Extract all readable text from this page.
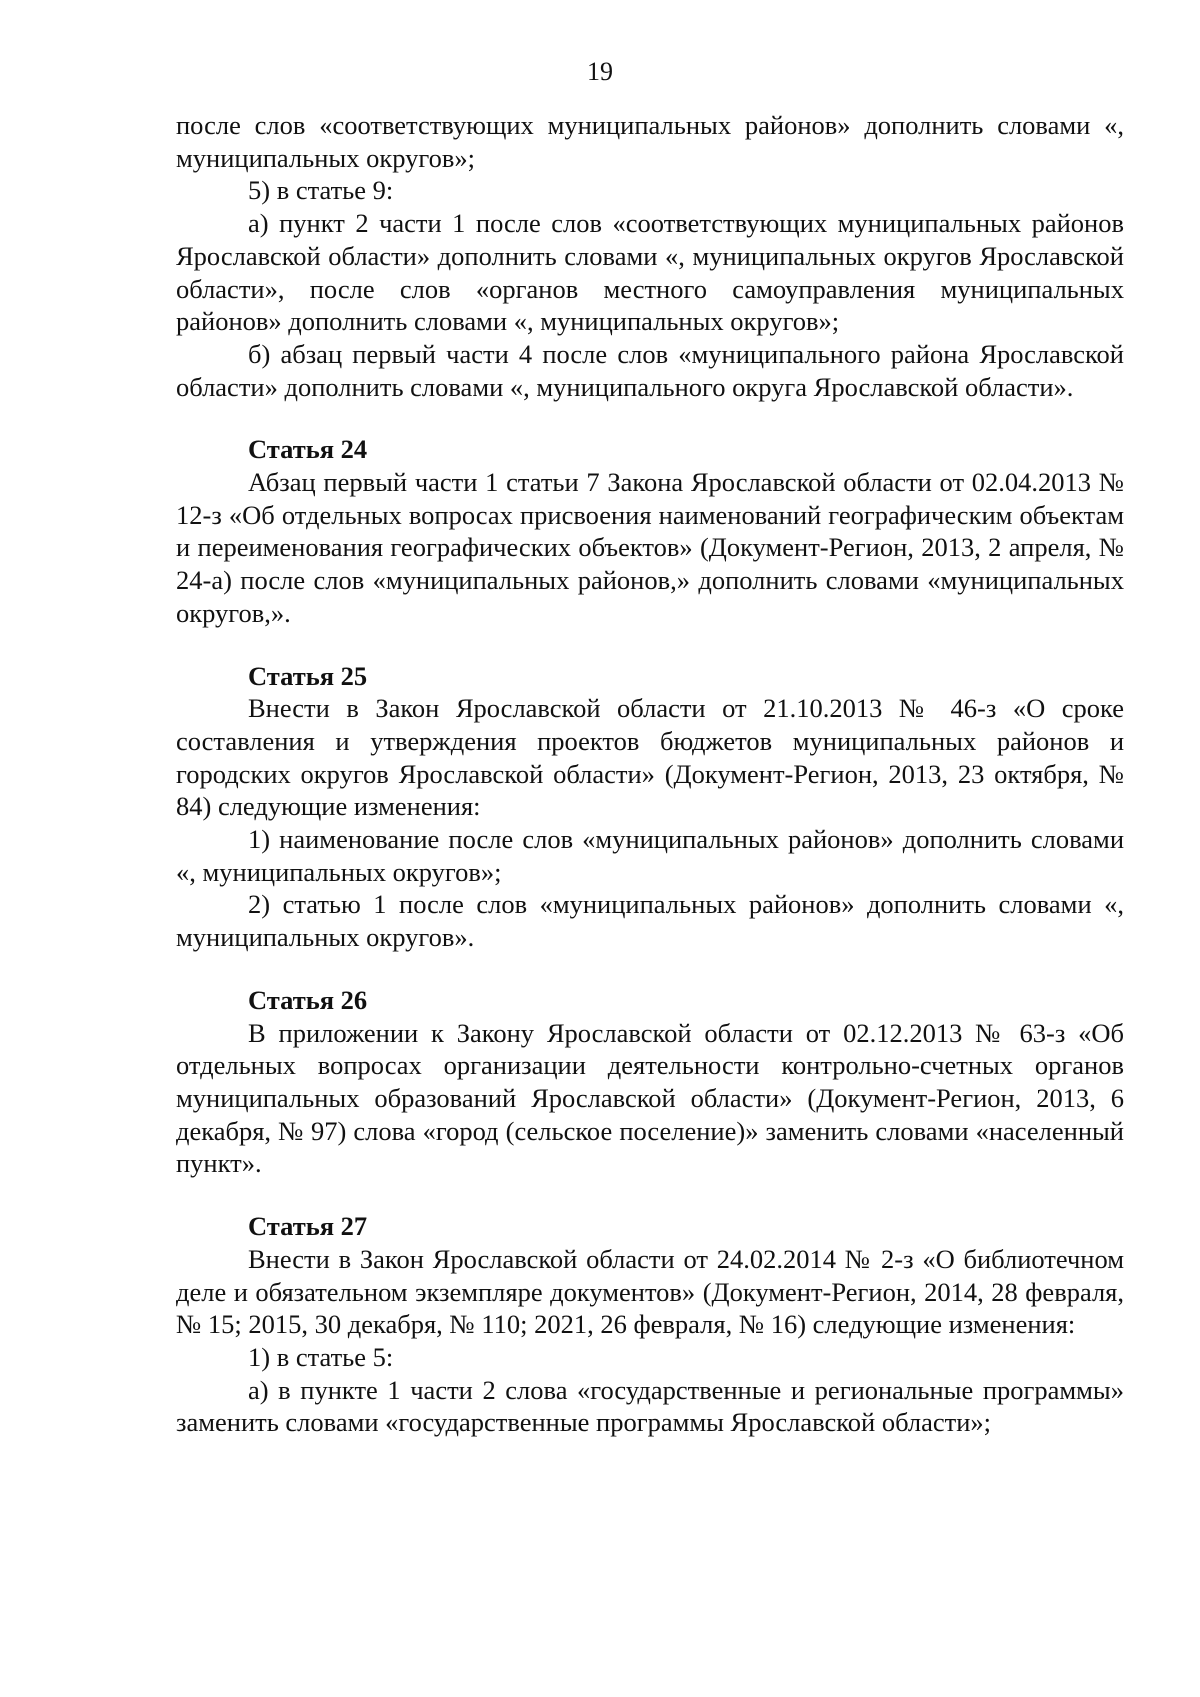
19

после слов «соответствующих муниципальных районов» дополнить словами «, муниципальных округов»;

5) в статье 9:

а) пункт 2 части 1 после слов «соответствующих муниципальных районов Ярославской области» дополнить словами «, муниципальных округов Ярославской области», после слов «органов местного самоуправления муниципальных районов» дополнить словами «, муниципальных округов»;

б) абзац первый части 4 после слов «муниципального района Ярославской области» дополнить словами «, муниципального округа Ярославской области».

Статья 24

Абзац первый части 1 статьи 7 Закона Ярославской области от 02.04.2013 № 12-з «Об отдельных вопросах присвоения наименований географическим объектам и переименования географических объектов» (Документ-Регион, 2013, 2 апреля, № 24-а) после слов «муниципальных районов,» дополнить словами «муниципальных округов,».

Статья 25

Внести в Закон Ярославской области от 21.10.2013 № 46-з «О сроке составления и утверждения проектов бюджетов муниципальных районов и городских округов Ярославской области» (Документ-Регион, 2013, 23 октября, № 84) следующие изменения:

1) наименование после слов «муниципальных районов» дополнить словами «, муниципальных округов»;

2) статью 1 после слов «муниципальных районов» дополнить словами «, муниципальных округов».

Статья 26

В приложении к Закону Ярославской области от 02.12.2013 № 63-з «Об отдельных вопросах организации деятельности контрольно-счетных органов муниципальных образований Ярославской области» (Документ-Регион, 2013, 6 декабря, № 97) слова «город (сельское поселение)» заменить словами «населенный пункт».

Статья 27

Внести в Закон Ярославской области от 24.02.2014 № 2-з «О библиотечном деле и обязательном экземпляре документов» (Документ-Регион, 2014, 28 февраля, № 15; 2015, 30 декабря, № 110; 2021, 26 февраля, № 16) следующие изменения:

1) в статье 5:

а) в пункте 1 части 2 слова «государственные и региональные программы» заменить словами «государственные программы Ярославской области»;
